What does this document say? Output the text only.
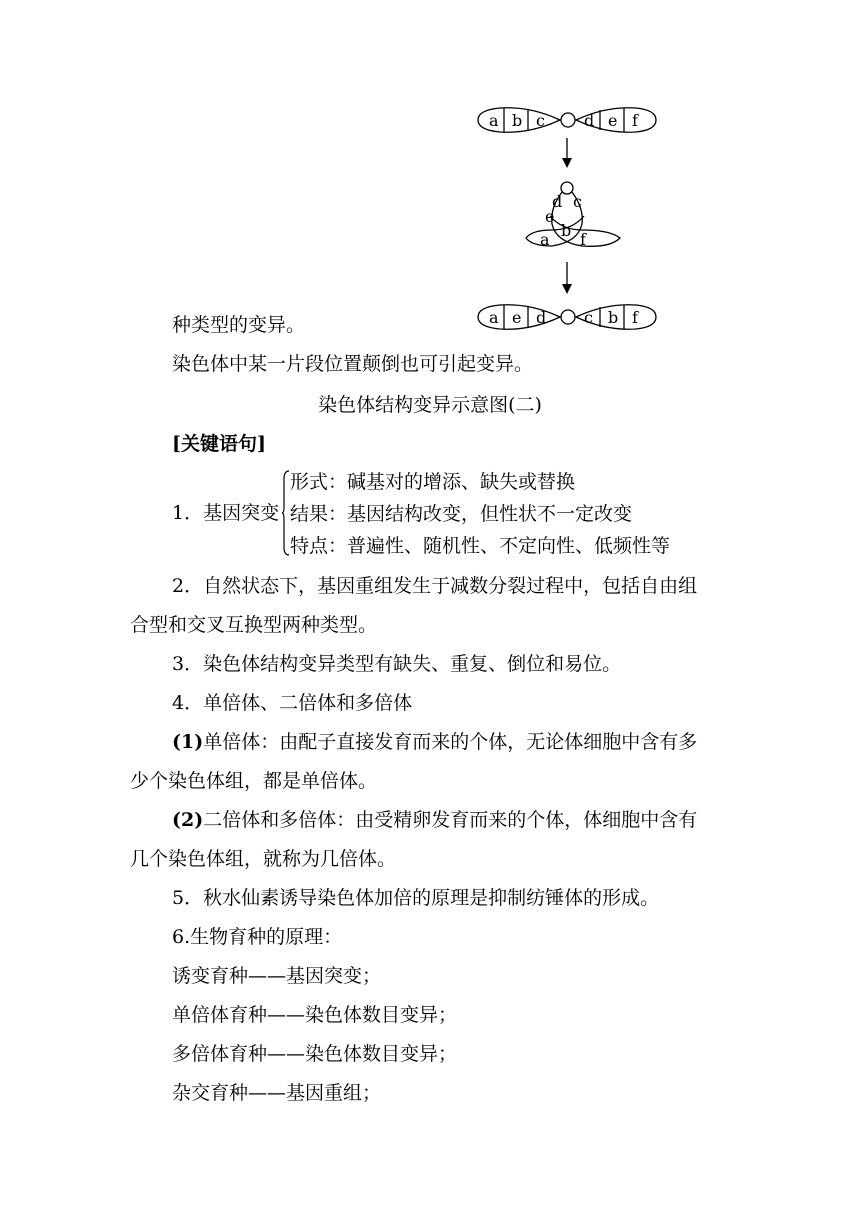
a b c d e f
d c
e
b
a f
a e d c b f
种类型的变异。
染色体中某一片段位置颠倒也可引起变异。
染色体结构变异示意图(二)
[关键语句]
1．基因突变
形式：碱基对的增添、缺失或替换
结果：基因结构改变，但性状不一定改变
特点：普遍性、随机性、不定向性、低频性等
2．自然状态下，基因重组发生于减数分裂过程中，包括自由组
合型和交叉互换型两种类型。
3．染色体结构变异类型有缺失、重复、倒位和易位。
4．单倍体、二倍体和多倍体
(1)单倍体：由配子直接发育而来的个体，无论体细胞中含有多
少个染色体组，都是单倍体。
(2)二倍体和多倍体：由受精卵发育而来的个体，体细胞中含有
几个染色体组，就称为几倍体。
5．秋水仙素诱导染色体加倍的原理是抑制纺锤体的形成。
6.生物育种的原理：
诱变育种——基因突变；
单倍体育种——染色体数目变异；
多倍体育种——染色体数目变异；
杂交育种——基因重组；
